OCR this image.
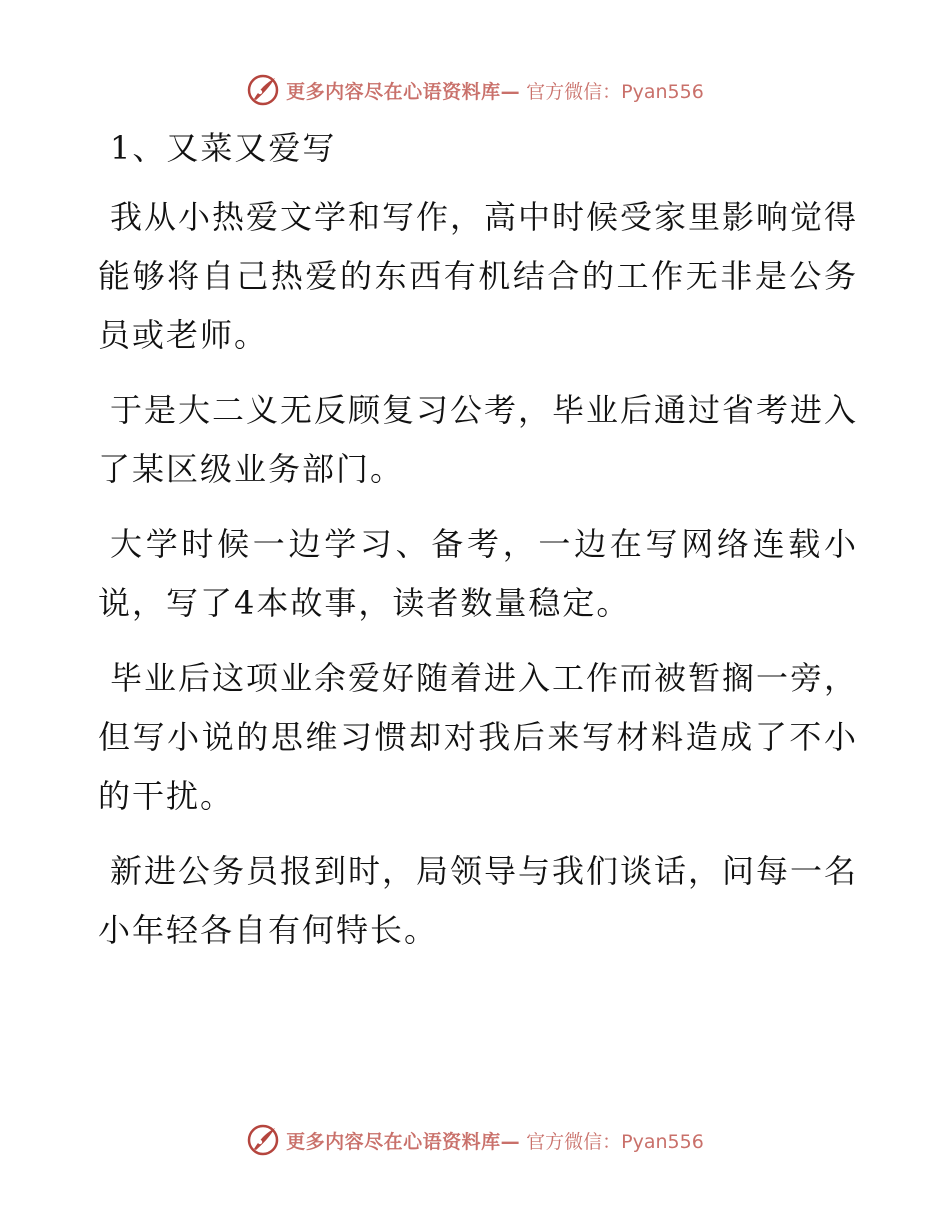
更多内容尽在心语资料库— 官方微信：Pyan556
1、又菜又爱写

我从小热爱文学和写作，高中时候受家里影响觉得能够将自己热爱的东西有机结合的工作无非是公务员或老师。

于是大二义无反顾复习公考，毕业后通过省考进入了某区级业务部门。

大学时候一边学习、备考，一边在写网络连载小说，写了4本故事，读者数量稳定。

毕业后这项业余爱好随着进入工作而被暂搁一旁，但写小说的思维习惯却对我后来写材料造成了不小的干扰。

新进公务员报到时，局领导与我们谈话，问每一名小年轻各自有何特长。

更多内容尽在心语资料库— 官方微信：Pyan556
